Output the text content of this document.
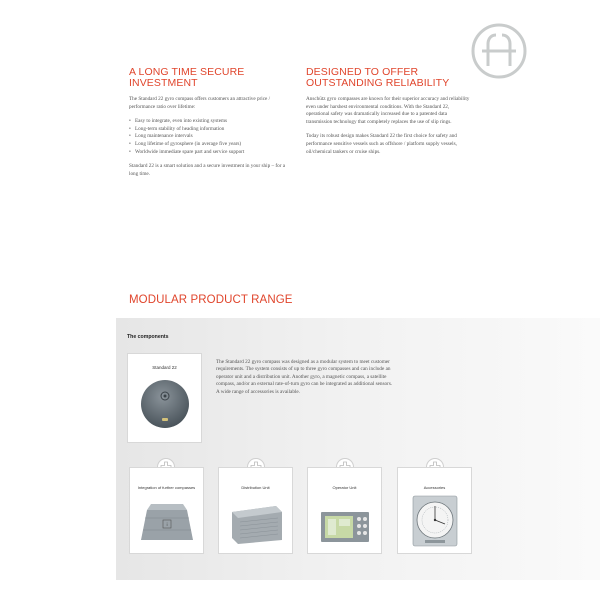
A LONG TIME SECURE
INVESTMENT

The Standard 22 gyro compass offers customers an attractive price / performance ratio over lifetime:

• Easy to integrate, even into existing systems
• Long-term stability of heading information
• Long maintenance intervals
• Long lifetime of gyrosphere (in average five years)
• Worldwide immediate spare part and service support

Standard 22 is a smart solution and a secure investment in your ship – for a long time.

DESIGNED TO OFFER
OUTSTANDING RELIABILITY

Anschütz gyro compasses are known for their superior accuracy and reliability even under harshest environmental conditions. With the Standard 22, operational safety was dramatically increased due to a patented data transmission technology that completely replaces the use of slip rings.

Today its robust design makes Standard 22 the first choice for safety and performance sensitive vessels such as offshore / platform supply vessels, oil/chemical tankers or cruise ships.

MODULAR PRODUCT RANGE
The components
Standard 22
The Standard 22 gyro compass was designed as a modular system to meet customer requirements. The system consists of up to three gyro compasses and can include an operator unit and a distribution unit. Another gyro, a magnetic compass, a satellite compass, and/or an external rate-of-turn gyro can be integrated as additional sensors. A wide range of accessories is available.
Integration of further compasses
i
Distribution Unit	Operator Unit	Accessories
